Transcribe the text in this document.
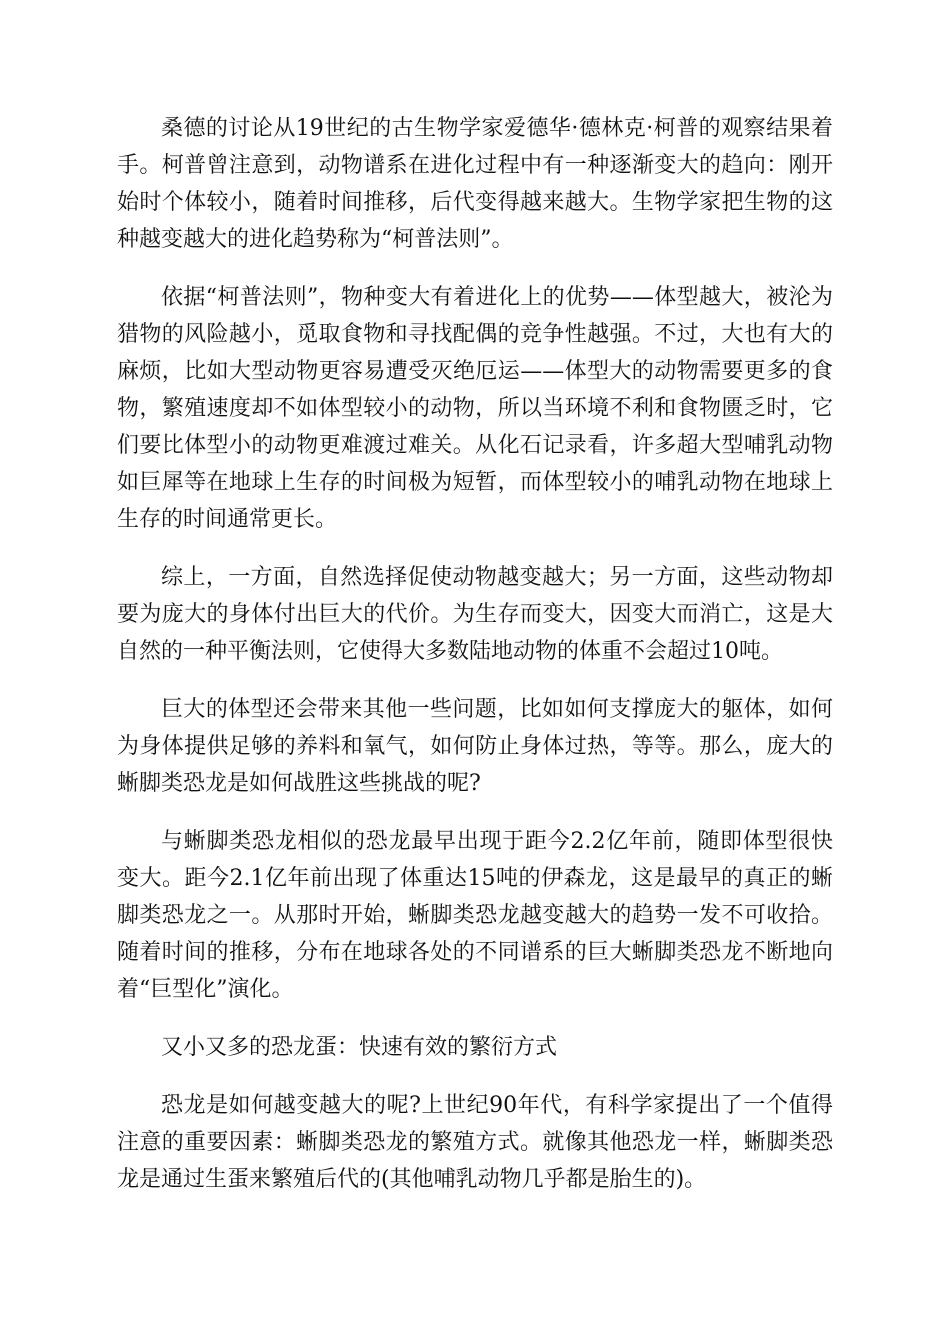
桑德的讨论从19世纪的古生物学家爱德华·德林克·柯普的观察结果着手。柯普曾注意到，动物谱系在进化过程中有一种逐渐变大的趋向：刚开始时个体较小，随着时间推移，后代变得越来越大。生物学家把生物的这种越变越大的进化趋势称为“柯普法则”。

依据“柯普法则”，物种变大有着进化上的优势——体型越大，被沦为猎物的风险越小，觅取食物和寻找配偶的竞争性越强。不过，大也有大的麻烦，比如大型动物更容易遭受灭绝厄运——体型大的动物需要更多的食物，繁殖速度却不如体型较小的动物，所以当环境不利和食物匮乏时，它们要比体型小的动物更难渡过难关。从化石记录看，许多超大型哺乳动物如巨犀等在地球上生存的时间极为短暂，而体型较小的哺乳动物在地球上生存的时间通常更长。

综上，一方面，自然选择促使动物越变越大；另一方面，这些动物却要为庞大的身体付出巨大的代价。为生存而变大，因变大而消亡，这是大自然的一种平衡法则，它使得大多数陆地动物的体重不会超过10吨。

巨大的体型还会带来其他一些问题，比如如何支撑庞大的躯体，如何为身体提供足够的养料和氧气，如何防止身体过热，等等。那么，庞大的蜥脚类恐龙是如何战胜这些挑战的呢?

与蜥脚类恐龙相似的恐龙最早出现于距今2.2亿年前，随即体型很快变大。距今2.1亿年前出现了体重达15吨的伊森龙，这是最早的真正的蜥脚类恐龙之一。从那时开始，蜥脚类恐龙越变越大的趋势一发不可收拾。随着时间的推移，分布在地球各处的不同谱系的巨大蜥脚类恐龙不断地向着“巨型化”演化。

又小又多的恐龙蛋：快速有效的繁衍方式

恐龙是如何越变越大的呢?上世纪90年代，有科学家提出了一个值得注意的重要因素：蜥脚类恐龙的繁殖方式。就像其他恐龙一样，蜥脚类恐龙是通过生蛋来繁殖后代的(其他哺乳动物几乎都是胎生的)。
